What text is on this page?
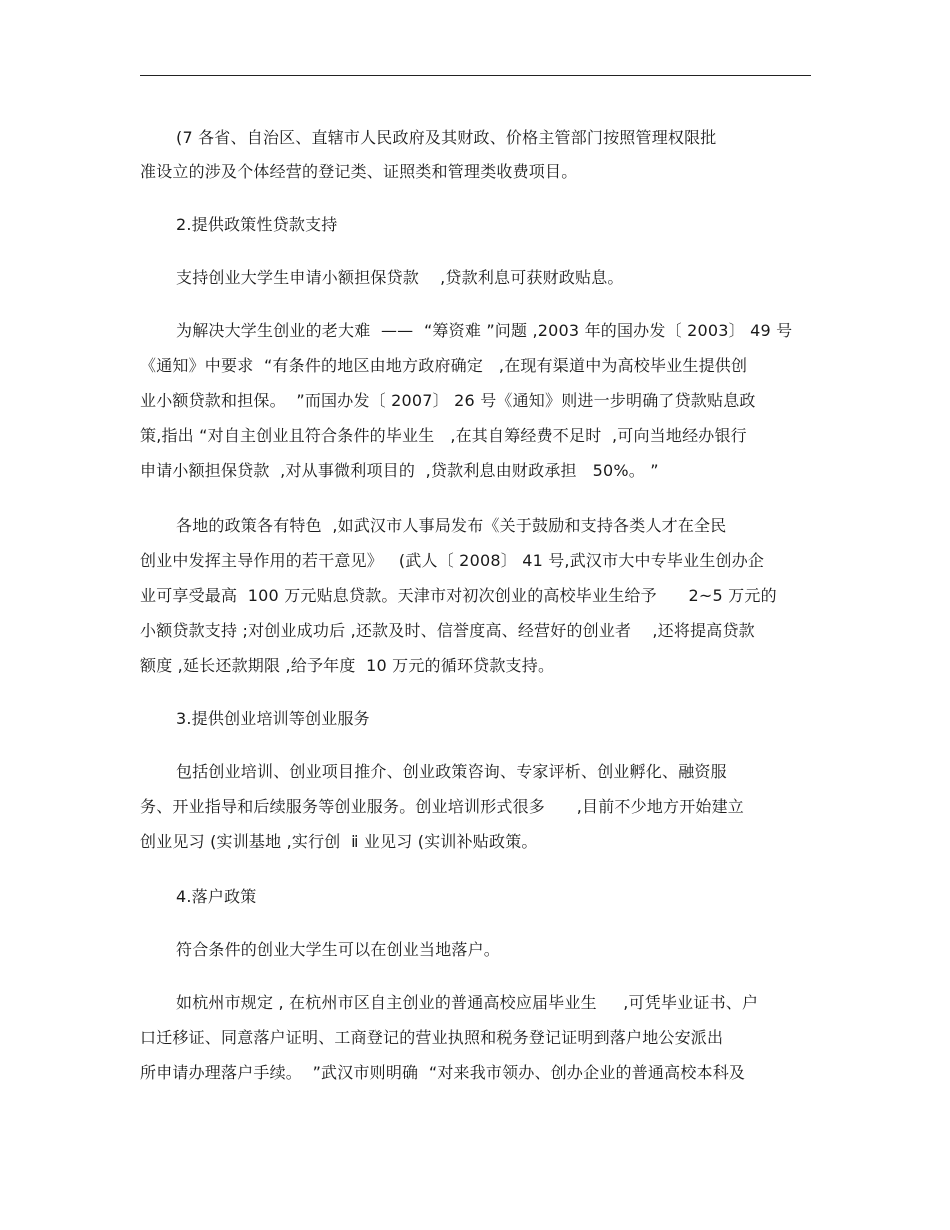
(7 各省、自治区、直辖市人民政府及其财政、价格主管部门按照管理权限批
准设立的涉及个体经营的登记类、证照类和管理类收费项目。
2.提供政策性贷款支持
支持创业大学生申请小额担保贷款    ,贷款利息可获财政贴息。
为解决大学生创业的老大难  ——  “筹资难 ”问题 ,2003 年的国办发〔 2003〕 49 号
《通知》中要求  “有条件的地区由地方政府确定   ,在现有渠道中为高校毕业生提供创
业小额贷款和担保。  ”而国办发〔 2007〕 26 号《通知》则进一步明确了贷款贴息政
策,指出 “对自主创业且符合条件的毕业生   ,在其自筹经费不足时  ,可向当地经办银行
申请小额担保贷款  ,对从事微利项目的  ,贷款利息由财政承担   50%。 ”
各地的政策各有特色  ,如武汉市人事局发布《关于鼓励和支持各类人才在全民
创业中发挥主导作用的若干意见》   (武人〔 2008〕 41 号,武汉市大中专毕业生创办企
业可享受最高  100 万元贴息贷款。天津市对初次创业的高校毕业生给予      2~5 万元的
小额贷款支持 ;对创业成功后 ,还款及时、信誉度高、经营好的创业者    ,还将提高贷款
额度 ,延长还款期限 ,给予年度  10 万元的循环贷款支持。
3.提供创业培训等创业服务
包括创业培训、创业项目推介、创业政策咨询、专家评析、创业孵化、融资服
务、开业指导和后续服务等创业服务。创业培训形式很多      ,目前不少地方开始建立
创业见习 (实训基地 ,实行创  ⅱ 业见习 (实训补贴政策。
4.落户政策
符合条件的创业大学生可以在创业当地落户。
如杭州市规定 , 在杭州市区自主创业的普通高校应届毕业生     ,可凭毕业证书、户
口迁移证、同意落户证明、工商登记的营业执照和税务登记证明到落户地公安派出
所申请办理落户手续。  ”武汉市则明确  “对来我市领办、创办企业的普通高校本科及
